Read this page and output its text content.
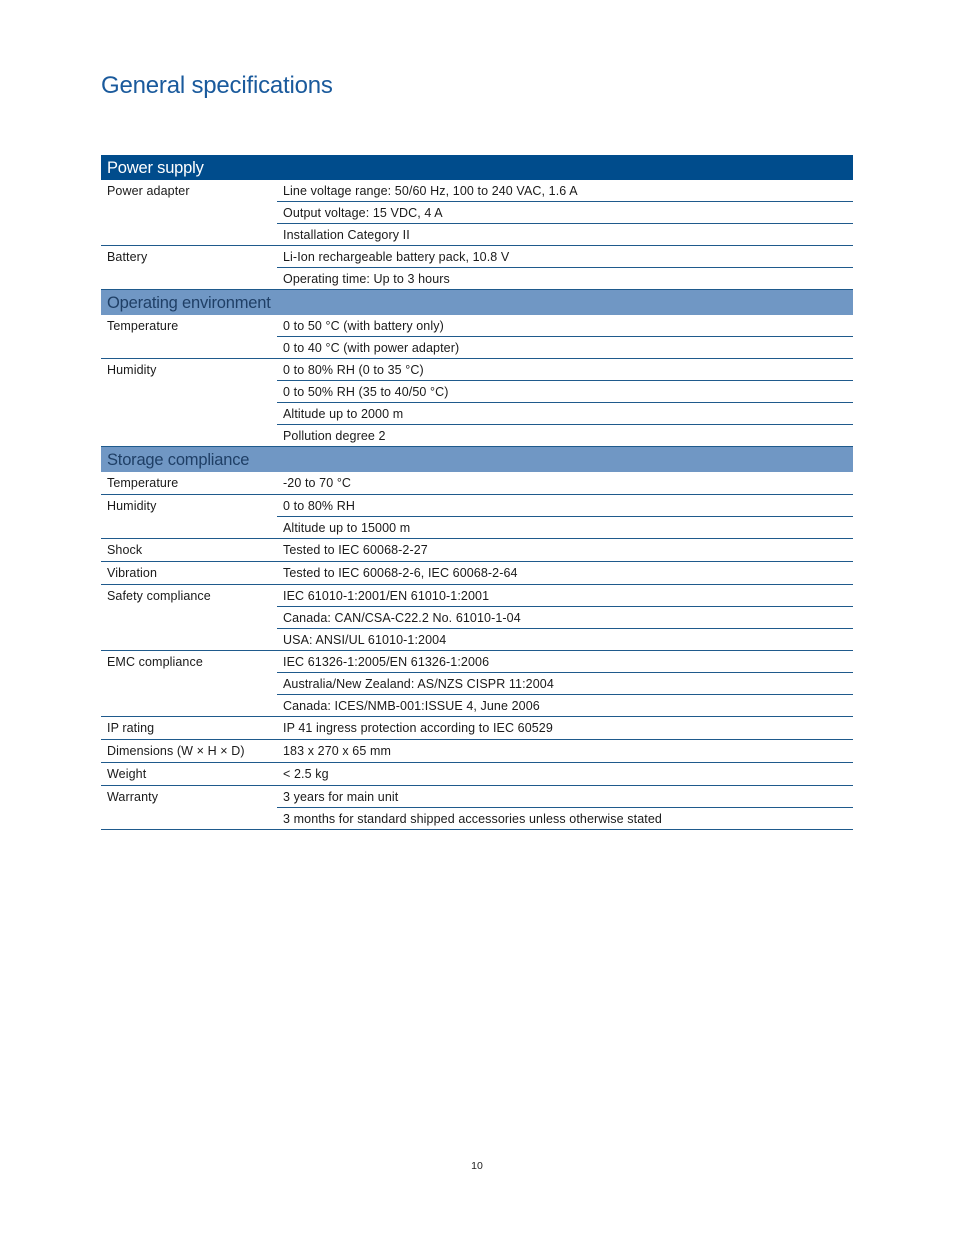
General specifications
Power supply
Power adapter	Line voltage range: 50/60 Hz, 100 to 240 VAC, 1.6 A
Output voltage: 15 VDC, 4 A
Installation Category II
Battery	Li-Ion rechargeable battery pack, 10.8 V
Operating time: Up to 3 hours
Operating environment
Temperature	0 to 50 °C (with battery only)
0 to 40 °C (with power adapter)
Humidity	0 to 80% RH (0 to 35 °C)
0 to 50% RH (35 to 40/50 °C)
Altitude up to 2000 m
Pollution degree 2
Storage compliance
Temperature	-20 to 70 °C
Humidity	0 to 80% RH
Altitude up to 15000 m
Shock	Tested to IEC 60068-2-27
Vibration	Tested to IEC 60068-2-6, IEC 60068-2-64
Safety compliance	IEC 61010-1:2001/EN 61010-1:2001
Canada: CAN/CSA-C22.2 No. 61010-1-04
USA: ANSI/UL 61010-1:2004
EMC compliance	IEC 61326-1:2005/EN 61326-1:2006
Australia/New Zealand: AS/NZS CISPR 11:2004
Canada: ICES/NMB-001:ISSUE 4, June 2006
IP rating	IP 41 ingress protection according to IEC 60529
Dimensions (W × H × D)	183 x 270 x 65 mm
Weight	< 2.5 kg
Warranty	3 years for main unit
3 months for standard shipped accessories unless otherwise stated
10
